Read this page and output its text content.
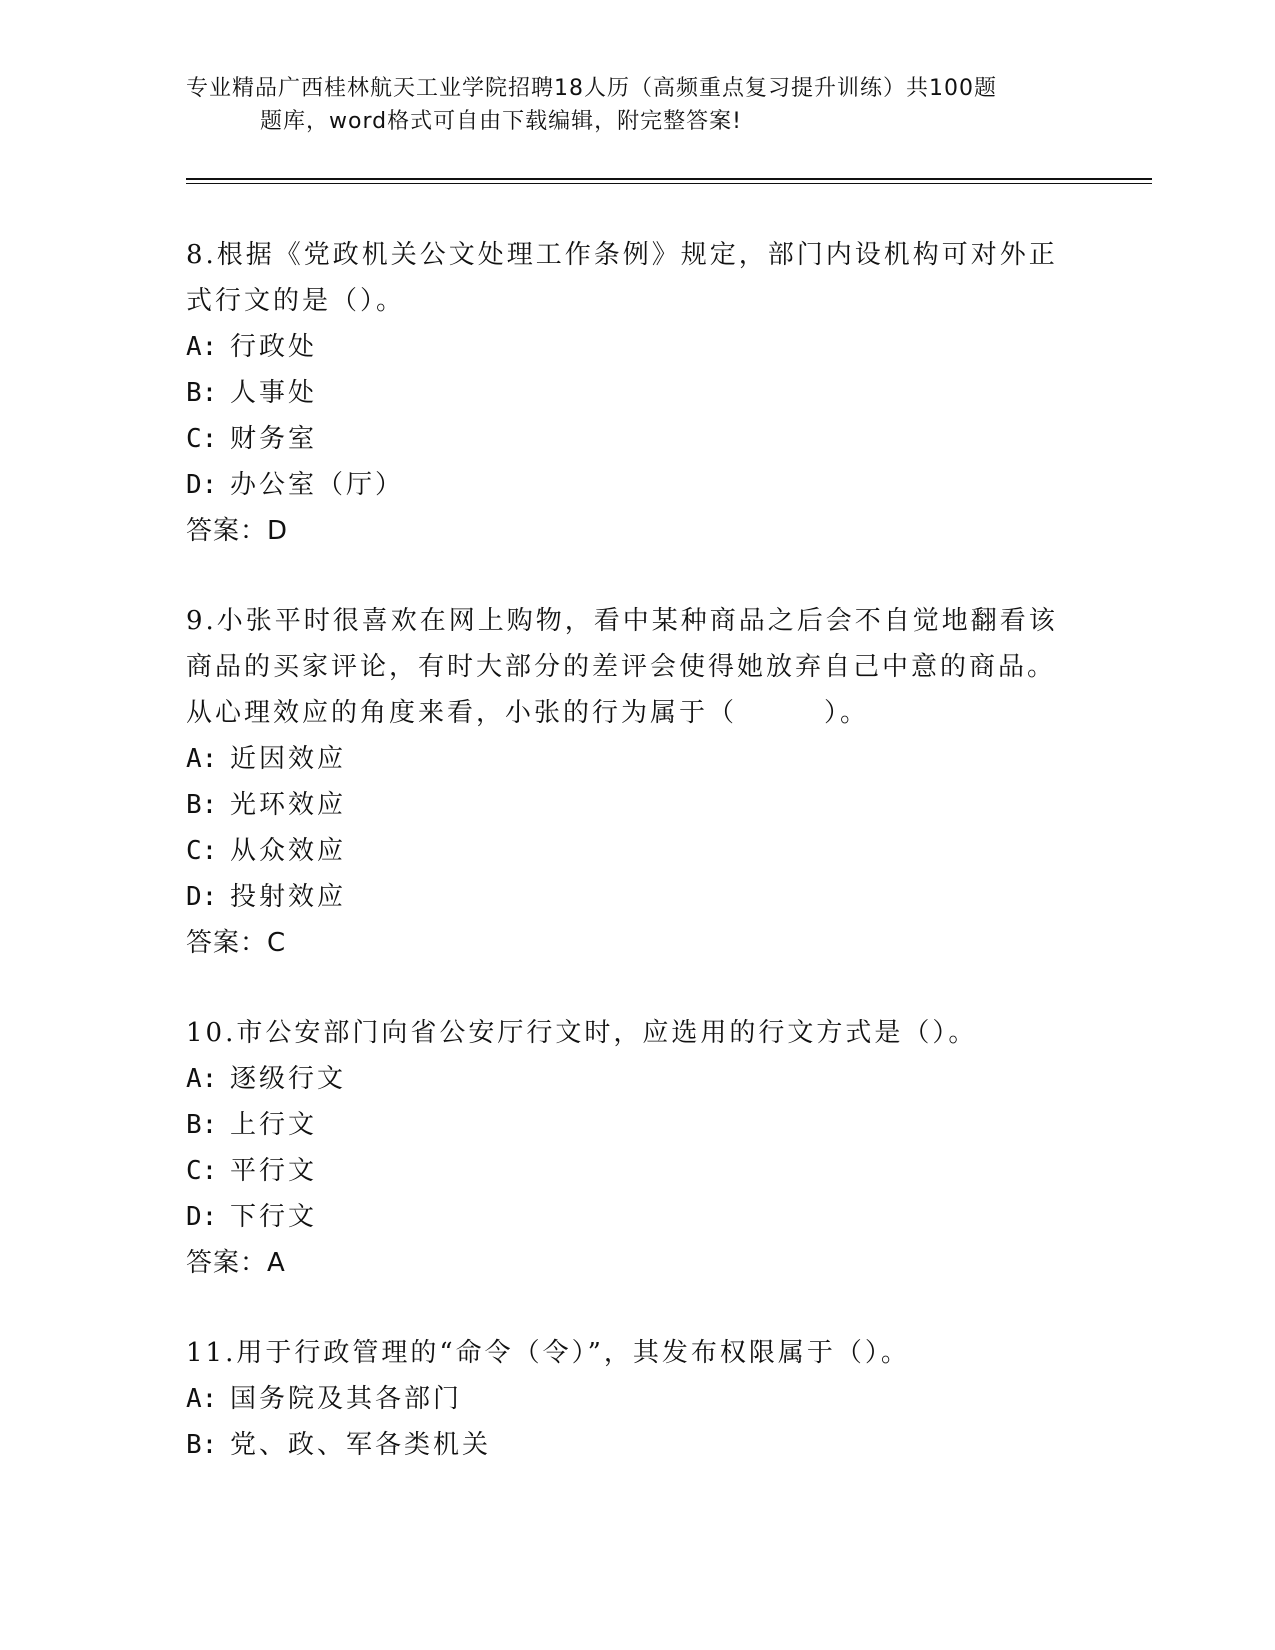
专业精品广西桂林航天工业学院招聘18人历（高频重点复习提升训练）共100题
题库，word格式可自由下载编辑，附完整答案!
8.根据《党政机关公文处理工作条例》规定，部门内设机构可对外正
式行文的是（）。
A: 行政处
B: 人事处
C: 财务室
D: 办公室（厅）
答案：D
9.小张平时很喜欢在网上购物，看中某种商品之后会不自觉地翻看该
商品的买家评论，有时大部分的差评会使得她放弃自己中意的商品。
从心理效应的角度来看，小张的行为属于（　　　）。
A: 近因效应
B: 光环效应
C: 从众效应
D: 投射效应
答案：C
10.市公安部门向省公安厅行文时，应选用的行文方式是（）。
A: 逐级行文
B: 上行文
C: 平行文
D: 下行文
答案：A
11.用于行政管理的“命令（令）”，其发布权限属于（）。
A: 国务院及其各部门
B: 党、政、军各类机关
